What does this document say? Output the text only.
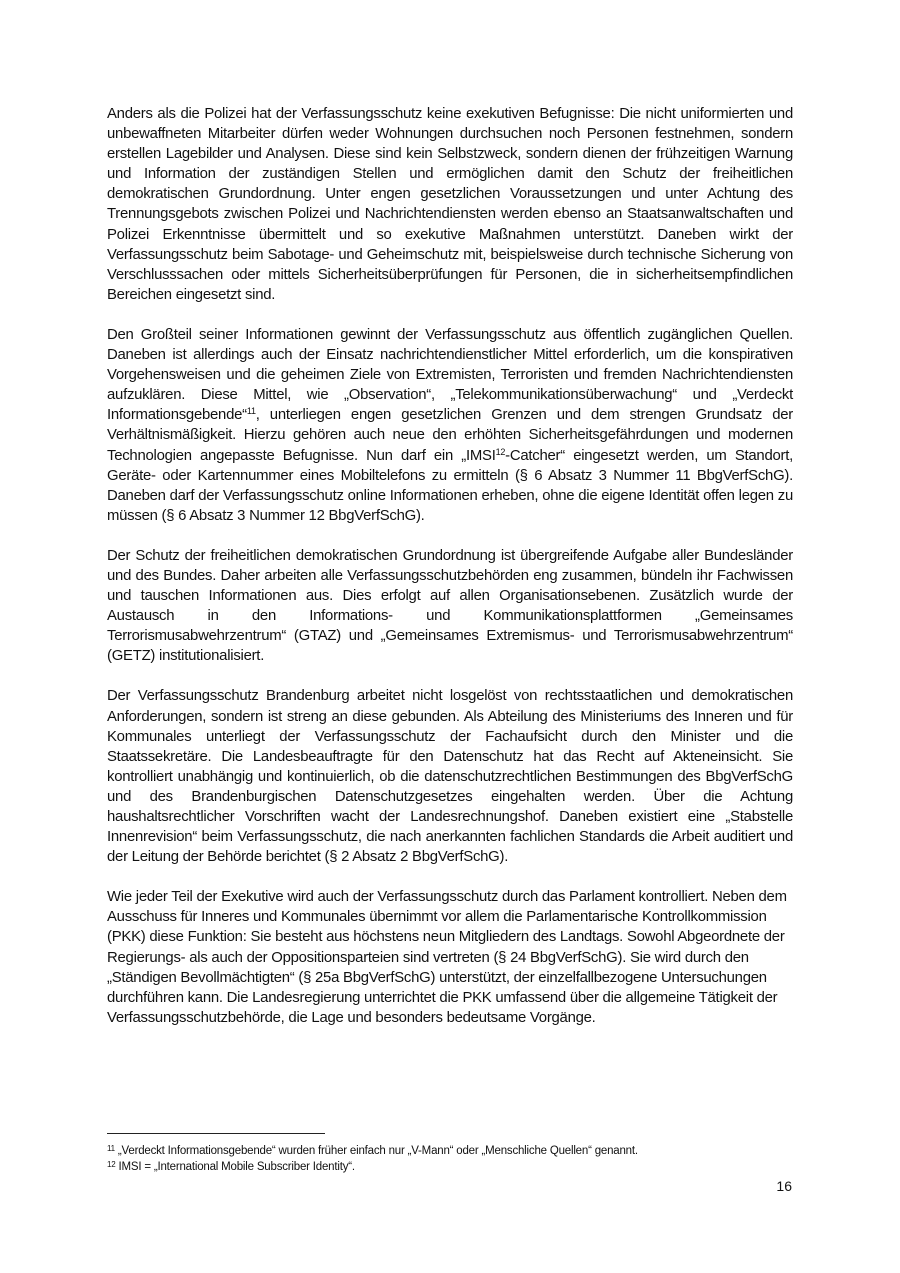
Anders als die Polizei hat der Verfassungsschutz keine exekutiven Befugnisse: Die nicht uniformierten und unbewaffneten Mitarbeiter dürfen weder Wohnungen durchsuchen noch Personen festnehmen, sondern erstellen Lagebilder und Analysen. Diese sind kein Selbstzweck, sondern dienen der frühzeitigen Warnung und Information der zuständigen Stellen und ermöglichen damit den Schutz der freiheitlichen demokratischen Grundordnung. Unter engen gesetzlichen Voraussetzungen und unter Achtung des Trennungsgebots zwischen Polizei und Nachrichtendiensten werden ebenso an Staatsanwaltschaften und Polizei Erkenntnisse übermittelt und so exekutive Maßnahmen unterstützt. Daneben wirkt der Verfassungsschutz beim Sabotage- und Geheimschutz mit, beispielsweise durch technische Sicherung von Verschlusssachen oder mittels Sicherheitsüberprüfungen für Personen, die in sicherheitsempfindlichen Bereichen eingesetzt sind.

Den Großteil seiner Informationen gewinnt der Verfassungsschutz aus öffentlich zugänglichen Quellen. Daneben ist allerdings auch der Einsatz nachrichtendienstlicher Mittel erforderlich, um die konspirativen Vorgehensweisen und die geheimen Ziele von Extremisten, Terroristen und fremden Nachrichtendiensten aufzuklären. Diese Mittel, wie „Observation“, „Telekommunikationsüberwachung“ und „Verdeckt Informationsgebende“$^{11}$, unterliegen engen gesetzlichen Grenzen und dem strengen Grundsatz der Verhältnismäßigkeit. Hierzu gehören auch neue den erhöhten Sicherheitsgefährdungen und modernen Technologien angepasste Befugnisse. Nun darf ein „IMSI$^{12}$-Catcher“ eingesetzt werden, um Standort, Geräte- oder Kartennummer eines Mobiltelefons zu ermitteln (§ 6 Absatz 3 Nummer 11 BbgVerfSchG). Daneben darf der Verfassungsschutz online Informationen erheben, ohne die eigene Identität offen legen zu müssen (§ 6 Absatz 3 Nummer 12 BbgVerfSchG).

Der Schutz der freiheitlichen demokratischen Grundordnung ist übergreifende Aufgabe aller Bundesländer und des Bundes. Daher arbeiten alle Verfassungsschutzbehörden eng zusammen, bündeln ihr Fachwissen und tauschen Informationen aus. Dies erfolgt auf allen Organisationsebenen. Zusätzlich wurde der Austausch in den Informations- und Kommunikationsplattformen „Gemeinsames Terrorismusabwehrzentrum“ (GTAZ) und „Gemeinsames Extremismus- und Terrorismusabwehrzentrum“ (GETZ) institutionalisiert.

Der Verfassungsschutz Brandenburg arbeitet nicht losgelöst von rechtsstaatlichen und demokratischen Anforderungen, sondern ist streng an diese gebunden. Als Abteilung des Ministeriums des Inneren und für Kommunales unterliegt der Verfassungsschutz der Fachaufsicht durch den Minister und die Staatssekretäre. Die Landesbeauftragte für den Datenschutz hat das Recht auf Akteneinsicht. Sie kontrolliert unabhängig und kontinuierlich, ob die datenschutzrechtlichen Bestimmungen des BbgVerfSchG und des Brandenburgischen Datenschutzgesetzes eingehalten werden. Über die Achtung haushaltsrechtlicher Vorschriften wacht der Landesrechnungshof. Daneben existiert eine „Stabstelle Innenrevision“ beim Verfassungsschutz, die nach anerkannten fachlichen Standards die Arbeit auditiert und der Leitung der Behörde berichtet (§ 2 Absatz 2 BbgVerfSchG).

Wie jeder Teil der Exekutive wird auch der Verfassungsschutz durch das Parlament kontrolliert. Neben dem Ausschuss für Inneres und Kommunales übernimmt vor allem die Parlamentarische Kontrollkommission (PKK) diese Funktion: Sie besteht aus höchstens neun Mitgliedern des Landtags. Sowohl Abgeordnete der Regierungs- als auch der Oppositionsparteien sind vertreten (§ 24 BbgVerfSchG). Sie wird durch den „Ständigen Bevollmächtigten“ (§ 25a BbgVerfSchG) unterstützt, der einzelfallbezogene Untersuchungen durchführen kann. Die Landesregierung unterrichtet die PKK umfassend über die allgemeine Tätigkeit der Verfassungsschutzbehörde, die Lage und besonders bedeutsame Vorgänge.

$^{11}$ „Verdeckt Informationsgebende“ wurden früher einfach nur „V-Mann“ oder „Menschliche Quellen“ genannt.

$^{12}$ IMSI = „International Mobile Subscriber Identity“.

16
